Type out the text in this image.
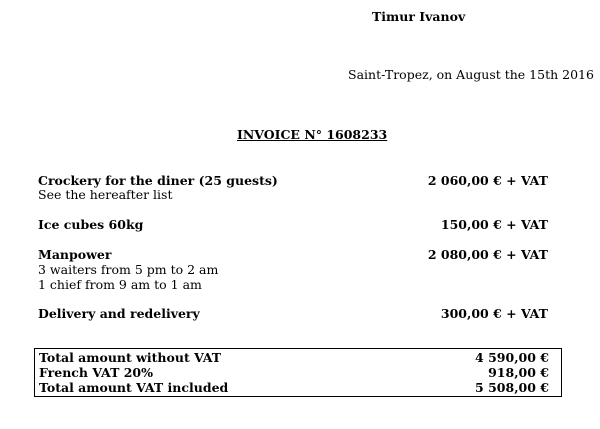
Timur Ivanov
Saint-Tropez, on August the 15th 2016
INVOICE N° 1608233
Crockery for the diner (25 guests)	2 060,00 € + VAT
See the hereafter list
Ice cubes 60kg	150,00 € + VAT
Manpower	2 080,00 € + VAT
3 waiters from 5 pm to 2 am
1 chief from 9 am to 1 am
Delivery and redelivery	300,00 € + VAT
Total amount without VAT	4 590,00 €
French VAT 20%	918,00 €
Total amount VAT included	5 508,00 €
